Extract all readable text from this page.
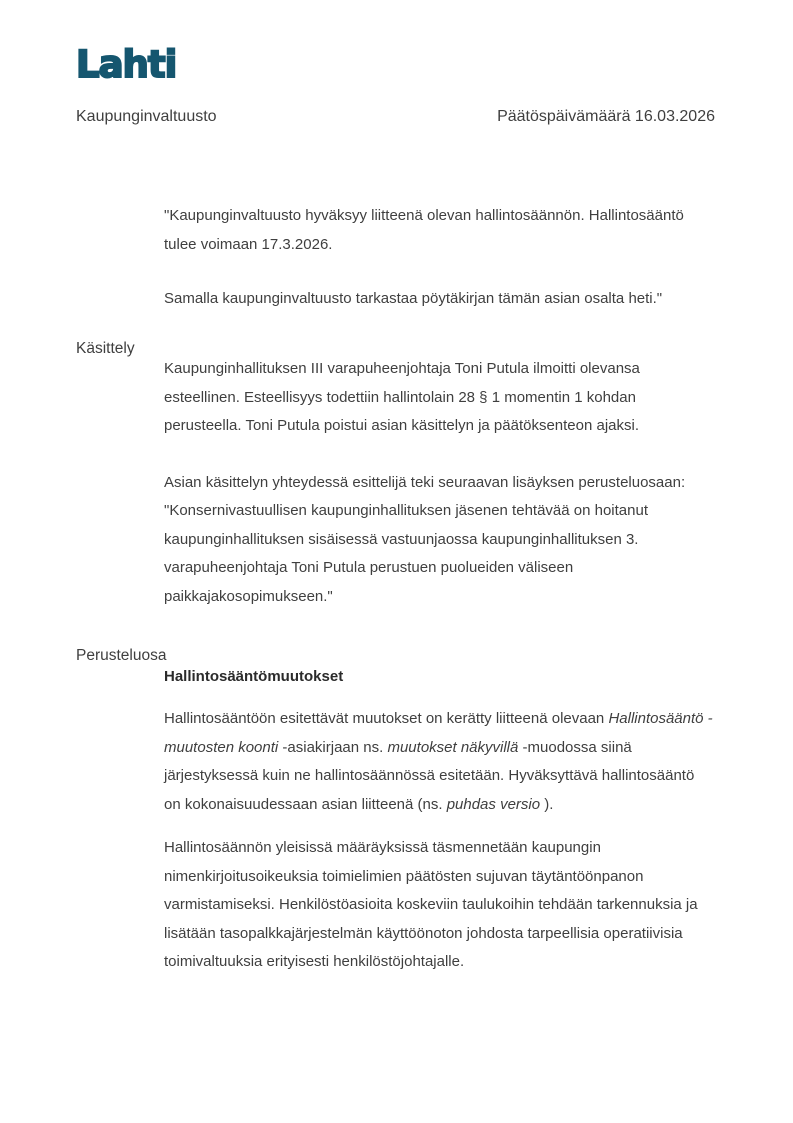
Lahti
Kaupunginvaltuusto	Päätöspäivämäärä 16.03.2026

"Kaupunginvaltuusto hyväksyy liitteenä olevan hallintosäännön. Hallintosääntö tulee voimaan 17.3.2026.

Samalla kaupunginvaltuusto tarkastaa pöytäkirjan tämän asian osalta heti."

Käsittely

Kaupunginhallituksen III varapuheenjohtaja Toni Putula ilmoitti olevansa esteellinen. Esteellisyys todettiin hallintolain 28 § 1 momentin 1 kohdan perusteella. Toni Putula poistui asian käsittelyn ja päätöksenteon ajaksi.

Asian käsittelyn yhteydessä esittelijä teki seuraavan lisäyksen perusteluosaan: "Konsernivastuullisen kaupunginhallituksen jäsenen tehtävää on hoitanut kaupunginhallituksen sisäisessä vastuunjaossa kaupunginhallituksen 3. varapuheenjohtaja Toni Putula perustuen puolueiden väliseen paikkajakosopimukseen."

Perusteluosa

Hallintosääntömuutokset

Hallintosääntöön esitettävät muutokset on kerätty liitteenä olevaan Hallintosääntö - muutosten koonti -asiakirjaan ns. muutokset näkyvillä -muodossa siinä järjestyksessä kuin ne hallintosäännössä esitetään. Hyväksyttävä hallintosääntö on kokonaisuudessaan asian liitteenä (ns. puhdas versio ).

Hallintosäännön yleisissä määräyksissä täsmennetään kaupungin nimenkirjoitusoikeuksia toimielimien päätösten sujuvan täytäntöönpanon varmistamiseksi. Henkilöstöasioita koskeviin taulukoihin tehdään tarkennuksia ja lisätään tasopalkkajärjestelmän käyttöönoton johdosta tarpeellisia operatiivisia toimivaltuuksia erityisesti henkilöstöjohtajalle.
